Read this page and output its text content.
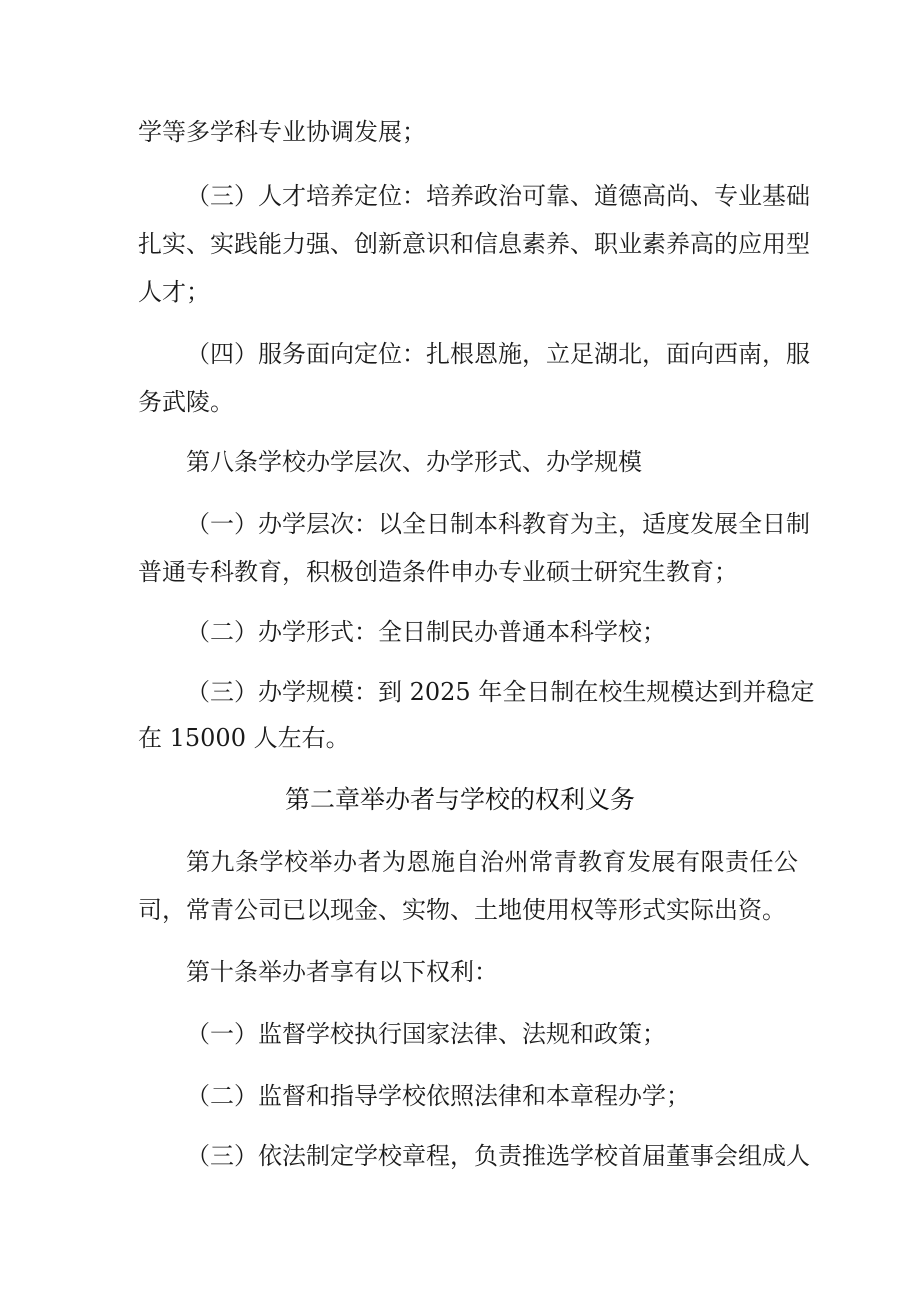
学等多学科专业协调发展；
（三）人才培养定位：培养政治可靠、道德高尚、专业基础
扎实、实践能力强、创新意识和信息素养、职业素养高的应用型
人才；
（四）服务面向定位：扎根恩施，立足湖北，面向西南，服
务武陵。
第八条学校办学层次、办学形式、办学规模
（一）办学层次：以全日制本科教育为主，适度发展全日制
普通专科教育，积极创造条件申办专业硕士研究生教育；
（二）办学形式：全日制民办普通本科学校；
（三）办学规模：到 2025 年全日制在校生规模达到并稳定
在 15000 人左右。
第二章举办者与学校的权利义务
第九条学校举办者为恩施自治州常青教育发展有限责任公
司，常青公司已以现金、实物、土地使用权等形式实际出资。
第十条举办者享有以下权利：
（一）监督学校执行国家法律、法规和政策；
（二）监督和指导学校依照法律和本章程办学；
（三）依法制定学校章程，负责推选学校首届董事会组成人
